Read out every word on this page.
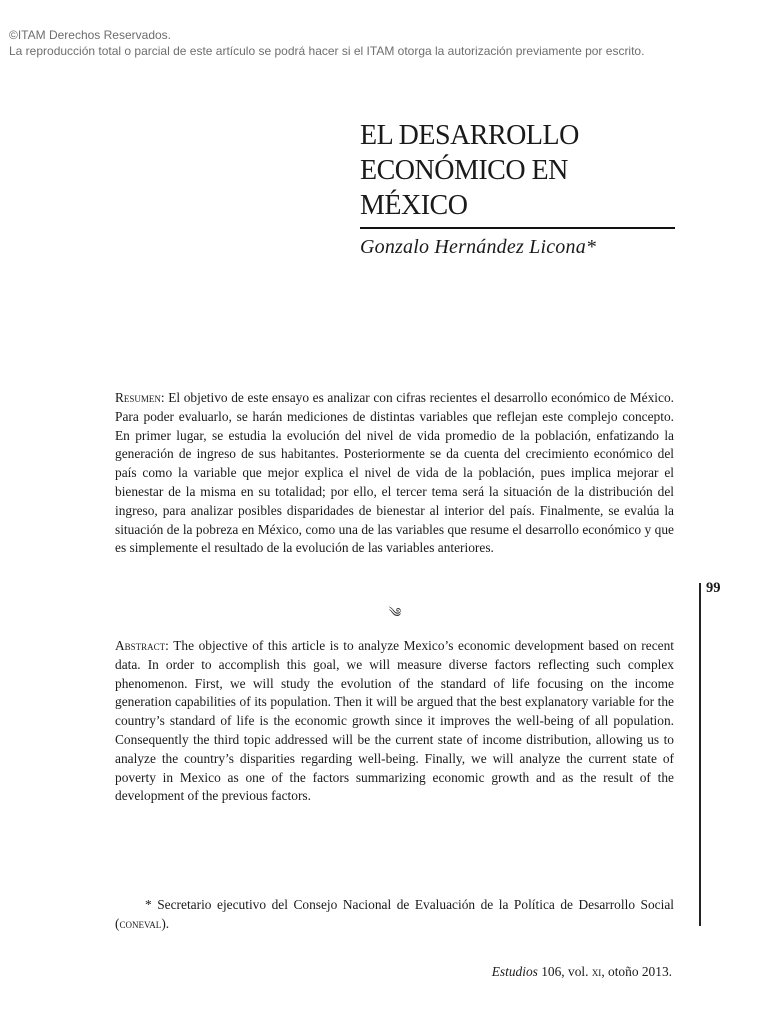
©ITAM Derechos Reservados.
La reproducción total o parcial de este artículo se podrá hacer si el ITAM otorga la autorización previamente por escrito.
EL DESARROLLO
ECONÓMICO EN
MÉXICO
Gonzalo Hernández Licona*

Resumen: El objetivo de este ensayo es analizar con cifras recientes el desarrollo económico de México. Para poder evaluarlo, se harán mediciones de distintas variables que reflejan este complejo concepto. En primer lugar, se estudia la evolución del nivel de vida promedio de la población, enfatizando la generación de ingreso de sus habitantes. Posteriormente se da cuenta del crecimiento económico del país como la variable que mejor explica el nivel de vida de la población, pues implica mejorar el bienestar de la misma en su totalidad; por ello, el tercer tema será la situación de la distribución del ingreso, para analizar posibles disparidades de bienestar al interior del país. Finalmente, se evalúa la situación de la pobreza en México, como una de las variables que resume el desarrollo económico y que es simplemente el resultado de la evolución de las variables anteriores.

༄
99

Abstract: The objective of this article is to analyze Mexico’s economic development based on recent data. In order to accomplish this goal, we will measure diverse factors reflecting such complex phenomenon. First, we will study the evolution of the standard of life focusing on the income generation capabilities of its population. Then it will be argued that the best explanatory variable for the country’s standard of life is the economic growth since it improves the well-being of all population. Consequently the third topic addressed will be the current state of income distribution, allowing us to analyze the country’s disparities regarding well-being. Finally, we will analyze the current state of poverty in Mexico as one of the factors summarizing economic growth and as the result of the development of the previous factors.

* Secretario ejecutivo del Consejo Nacional de Evaluación de la Política de Desarrollo Social (coneval).

Estudios 106, vol. xi, otoño 2013.
